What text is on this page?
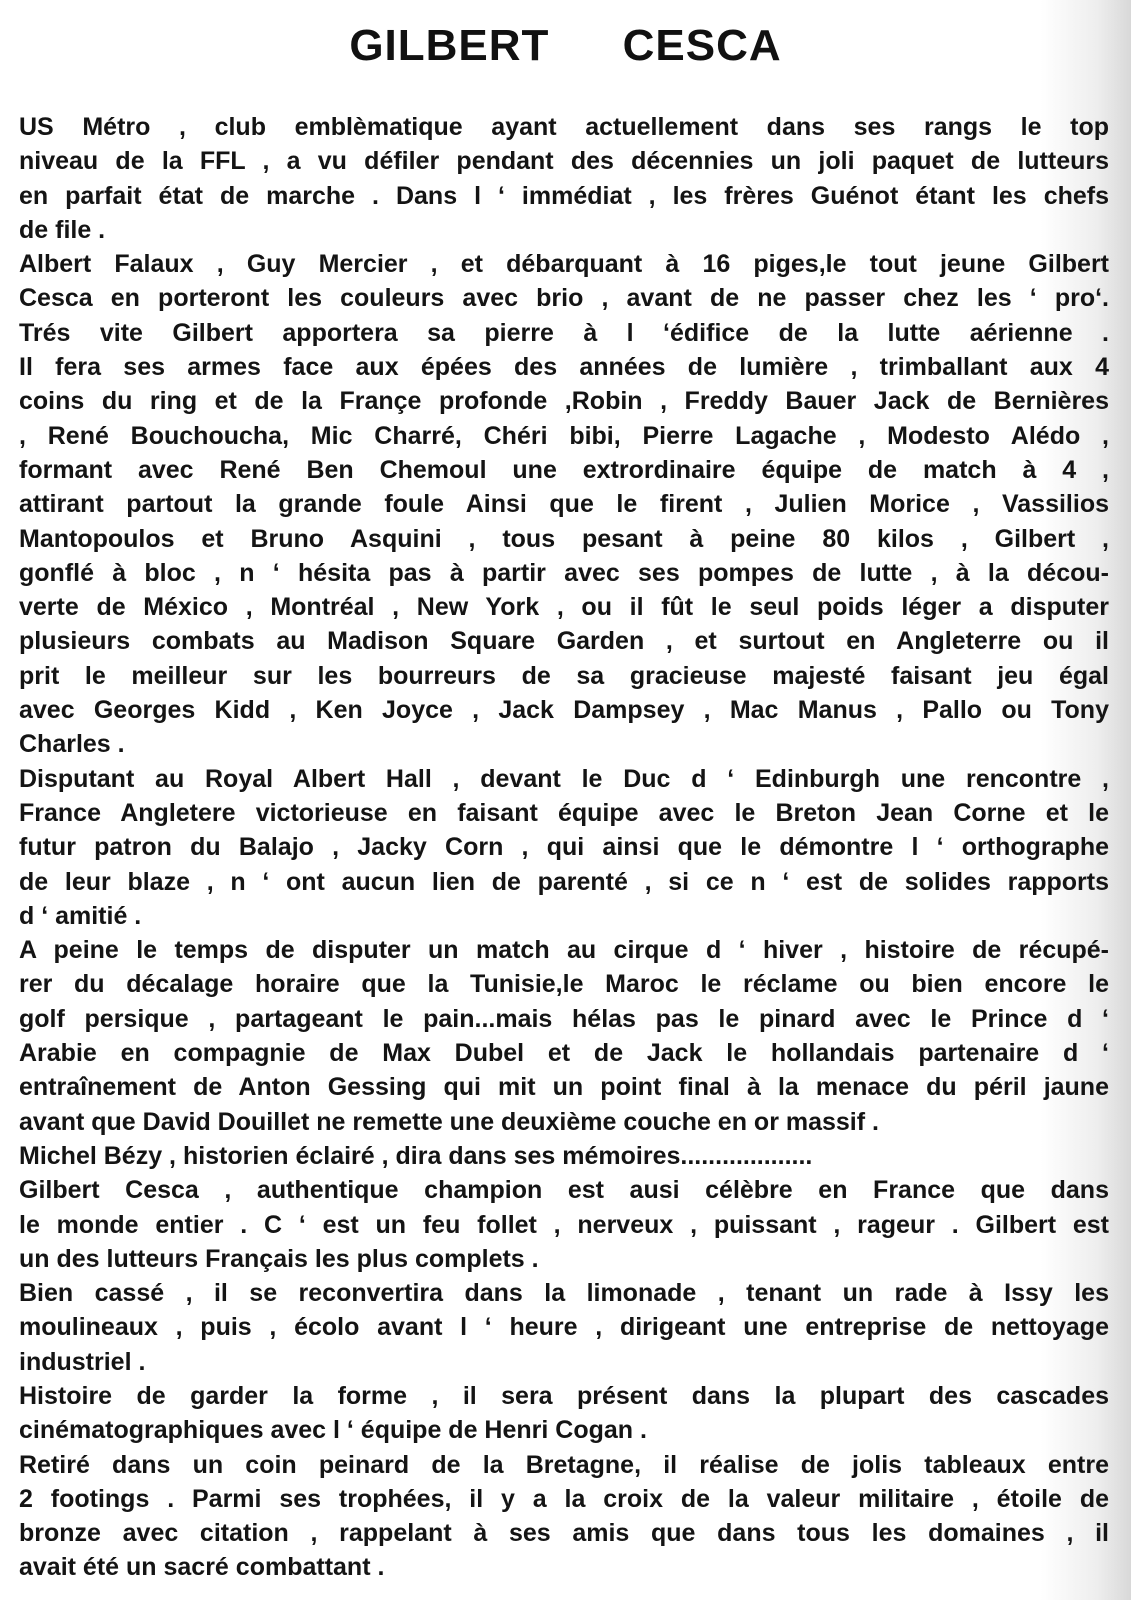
GILBERT CESCA
US Métro , club emblèmatique ayant actuellement dans ses rangs le top
niveau de la FFL , a vu défiler pendant des décennies un joli paquet de lutteurs
en parfait état de marche . Dans l ‘ immédiat , les frères Guénot étant les chefs
de file .
Albert Falaux , Guy Mercier , et débarquant à 16 piges,le tout jeune Gilbert
Cesca en porteront les couleurs avec brio , avant de ne passer chez les ‘ pro‘.
Trés vite Gilbert apportera sa pierre à l ‘édifice de la lutte aérienne .
Il fera ses armes face aux épées des années de lumière , trimballant aux 4
coins du ring et de la Françe profonde ,Robin , Freddy Bauer Jack de Bernières
, René Bouchoucha, Mic Charré, Chéri bibi, Pierre Lagache , Modesto Alédo ,
formant avec René Ben Chemoul une extrordinaire équipe de match à 4 ,
attirant partout la grande foule Ainsi que le firent , Julien Morice , Vassilios
Mantopoulos et Bruno Asquini , tous pesant à peine 80 kilos , Gilbert ,
gonflé à bloc , n ‘ hésita pas à partir avec ses pompes de lutte , à la décou-
verte de México , Montréal , New York , ou il fût le seul poids léger a disputer
plusieurs combats au Madison Square Garden , et surtout en Angleterre ou il
prit le meilleur sur les bourreurs de sa gracieuse majesté faisant jeu égal
avec Georges Kidd , Ken Joyce , Jack Dampsey , Mac Manus , Pallo ou Tony
Charles .
Disputant au Royal Albert Hall , devant le Duc d ‘ Edinburgh une rencontre ,
France Angletere victorieuse en faisant équipe avec le Breton Jean Corne et le
futur patron du Balajo , Jacky Corn , qui ainsi que le démontre l ‘ orthographe
de leur blaze , n ‘ ont aucun lien de parenté , si ce n ‘ est de solides rapports
d ‘ amitié .
A peine le temps de disputer un match au cirque d ‘ hiver , histoire de récupé-
rer du décalage horaire que la Tunisie,le Maroc le réclame ou bien encore le
golf persique , partageant le pain...mais hélas pas le pinard avec le Prince d ‘
Arabie en compagnie de Max Dubel et de Jack le hollandais partenaire d ‘
entraînement de Anton Gessing qui mit un point final à la menace du péril jaune
avant que David Douillet ne remette une deuxième couche en or massif .
Michel Bézy , historien éclairé , dira dans ses mémoires...................
Gilbert Cesca , authentique champion est ausi célèbre en France que dans
le monde entier . C ‘ est un feu follet , nerveux , puissant , rageur . Gilbert est
un des lutteurs Français les plus complets .
Bien cassé , il se reconvertira dans la limonade , tenant un rade à Issy les
moulineaux , puis , écolo avant l ‘ heure , dirigeant une entreprise de nettoyage
industriel .
Histoire de garder la forme , il sera présent dans la plupart des cascades
cinématographiques avec l ‘ équipe de Henri Cogan .
Retiré dans un coin peinard de la Bretagne, il réalise de jolis tableaux entre
2 footings . Parmi ses trophées, il y a la croix de la valeur militaire , étoile de
bronze avec citation , rappelant à ses amis que dans tous les domaines , il
avait été un sacré combattant .
